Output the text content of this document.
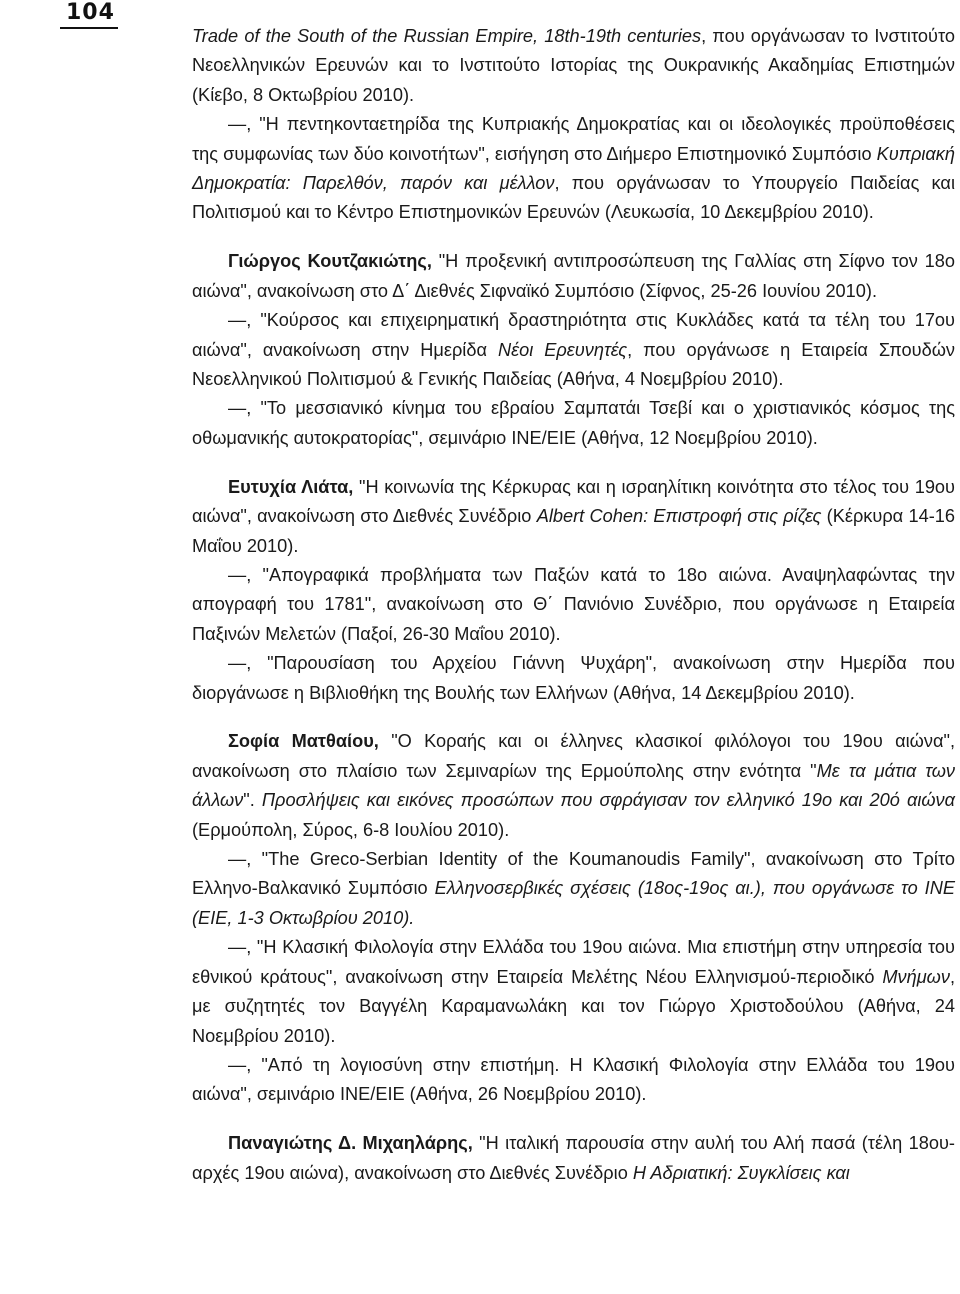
104

Trade of the South of the Russian Empire, 18th-19th centuries, που οργάνωσαν το Ινστιτούτο Νεοελληνικών Ερευνών και το Ινστιτούτο Ιστορίας της Ουκρανικής Ακαδημίας Επιστημών (Κίεβο, 8 Οκτωβρίου 2010).

—, "Η πεντηκονταετηρίδα της Κυπριακής Δημοκρατίας και οι ιδεολογικές προϋποθέσεις της συμφωνίας των δύο κοινοτήτων", εισήγηση στο Διήμερο Επιστημονικό Συμπόσιο Κυπριακή Δημοκρατία: Παρελθόν, παρόν και μέλλον, που οργάνωσαν το Υπουργείο Παιδείας και Πολιτισμού και το Κέντρο Επιστημονικών Ερευνών (Λευκωσία, 10 Δεκεμβρίου 2010).

Γιώργος Κουτζακιώτης, "Η προξενική αντιπροσώπευση της Γαλλίας στη Σίφνο τον 18ο αιώνα", ανακοίνωση στο Δ΄ Διεθνές Σιφναϊκό Συμπόσιο (Σίφνος, 25-26 Ιουνίου 2010).

—, "Κούρσος και επιχειρηματική δραστηριότητα στις Κυκλάδες κατά τα τέλη του 17ου αιώνα", ανακοίνωση στην Ημερίδα Νέοι Ερευνητές, που οργάνωσε η Εταιρεία Σπουδών Νεοελληνικού Πολιτισμού & Γενικής Παιδείας (Αθήνα, 4 Νοεμβρίου 2010).

—, "Το μεσσιανικό κίνημα του εβραίου Σαμπατάι Τσεβί και ο χριστιανικός κόσμος της οθωμανικής αυτοκρατορίας", σεμινάριο ΙΝΕ/ΕΙΕ (Αθήνα, 12 Νοεμβρίου 2010).

Ευτυχία Λιάτα, "Η κοινωνία της Κέρκυρας και η ισραηλίτικη κοινότητα στο τέλος του 19ου αιώνα", ανακοίνωση στο Διεθνές Συνέδριο Albert Cohen: Επιστροφή στις ρίζες (Κέρκυρα 14-16 Μαΐου 2010).

—, "Απογραφικά προβλήματα των Παξών κατά το 18ο αιώνα. Αναψηλαφώντας την απογραφή του 1781", ανακοίνωση στο Θ΄ Πανιόνιο Συνέδριο, που οργάνωσε η Εταιρεία Παξινών Μελετών (Παξοί, 26-30 Μαΐου 2010).

—, "Παρουσίαση του Αρχείου Γιάννη Ψυχάρη", ανακοίνωση στην Ημερίδα που διοργάνωσε η Βιβλιοθήκη της Βουλής των Ελλήνων (Αθήνα, 14 Δεκεμβρίου 2010).

Σοφία Ματθαίου, "Ο Κοραής και οι έλληνες κλασικοί φιλόλογοι του 19ου αιώνα", ανακοίνωση στο πλαίσιο των Σεμιναρίων της Ερμούπολης στην ενότητα "Με τα μάτια των άλλων". Προσλήψεις και εικόνες προσώπων που σφράγισαν τον ελληνικό 19ο και 20ό αιώνα (Ερμούπολη, Σύρος, 6-8 Ιουλίου 2010).

—, "The Greco-Serbian Identity of the Koumanoudis Family", ανακοίνωση στο Τρίτο Ελληνο-Βαλκανικό Συμπόσιο Ελληνοσερβικές σχέσεις (18ος-19ος αι.), που οργάνωσε το ΙΝΕ (ΕΙΕ, 1-3 Οκτωβρίου 2010).

—, "Η Κλασική Φιλολογία στην Ελλάδα του 19ου αιώνα. Μια επιστήμη στην υπηρεσία του εθνικού κράτους", ανακοίνωση στην Εταιρεία Μελέτης Νέου Ελληνισμού-περιοδικό Μνήμων, με συζητητές τον Βαγγέλη Καραμανωλάκη και τον Γιώργο Χριστοδούλου (Αθήνα, 24 Νοεμβρίου 2010).

—, "Από τη λογιοσύνη στην επιστήμη. Η Κλασική Φιλολογία στην Ελλάδα του 19ου αιώνα", σεμινάριο ΙΝΕ/ΕΙΕ (Αθήνα, 26 Νοεμβρίου 2010).

Παναγιώτης Δ. Μιχαηλάρης, "Η ιταλική παρουσία στην αυλή του Αλή πασά (τέλη 18ου-αρχές 19ου αιώνα), ανακοίνωση στο Διεθνές Συνέδριο Η Αδριατική: Συγκλίσεις και
